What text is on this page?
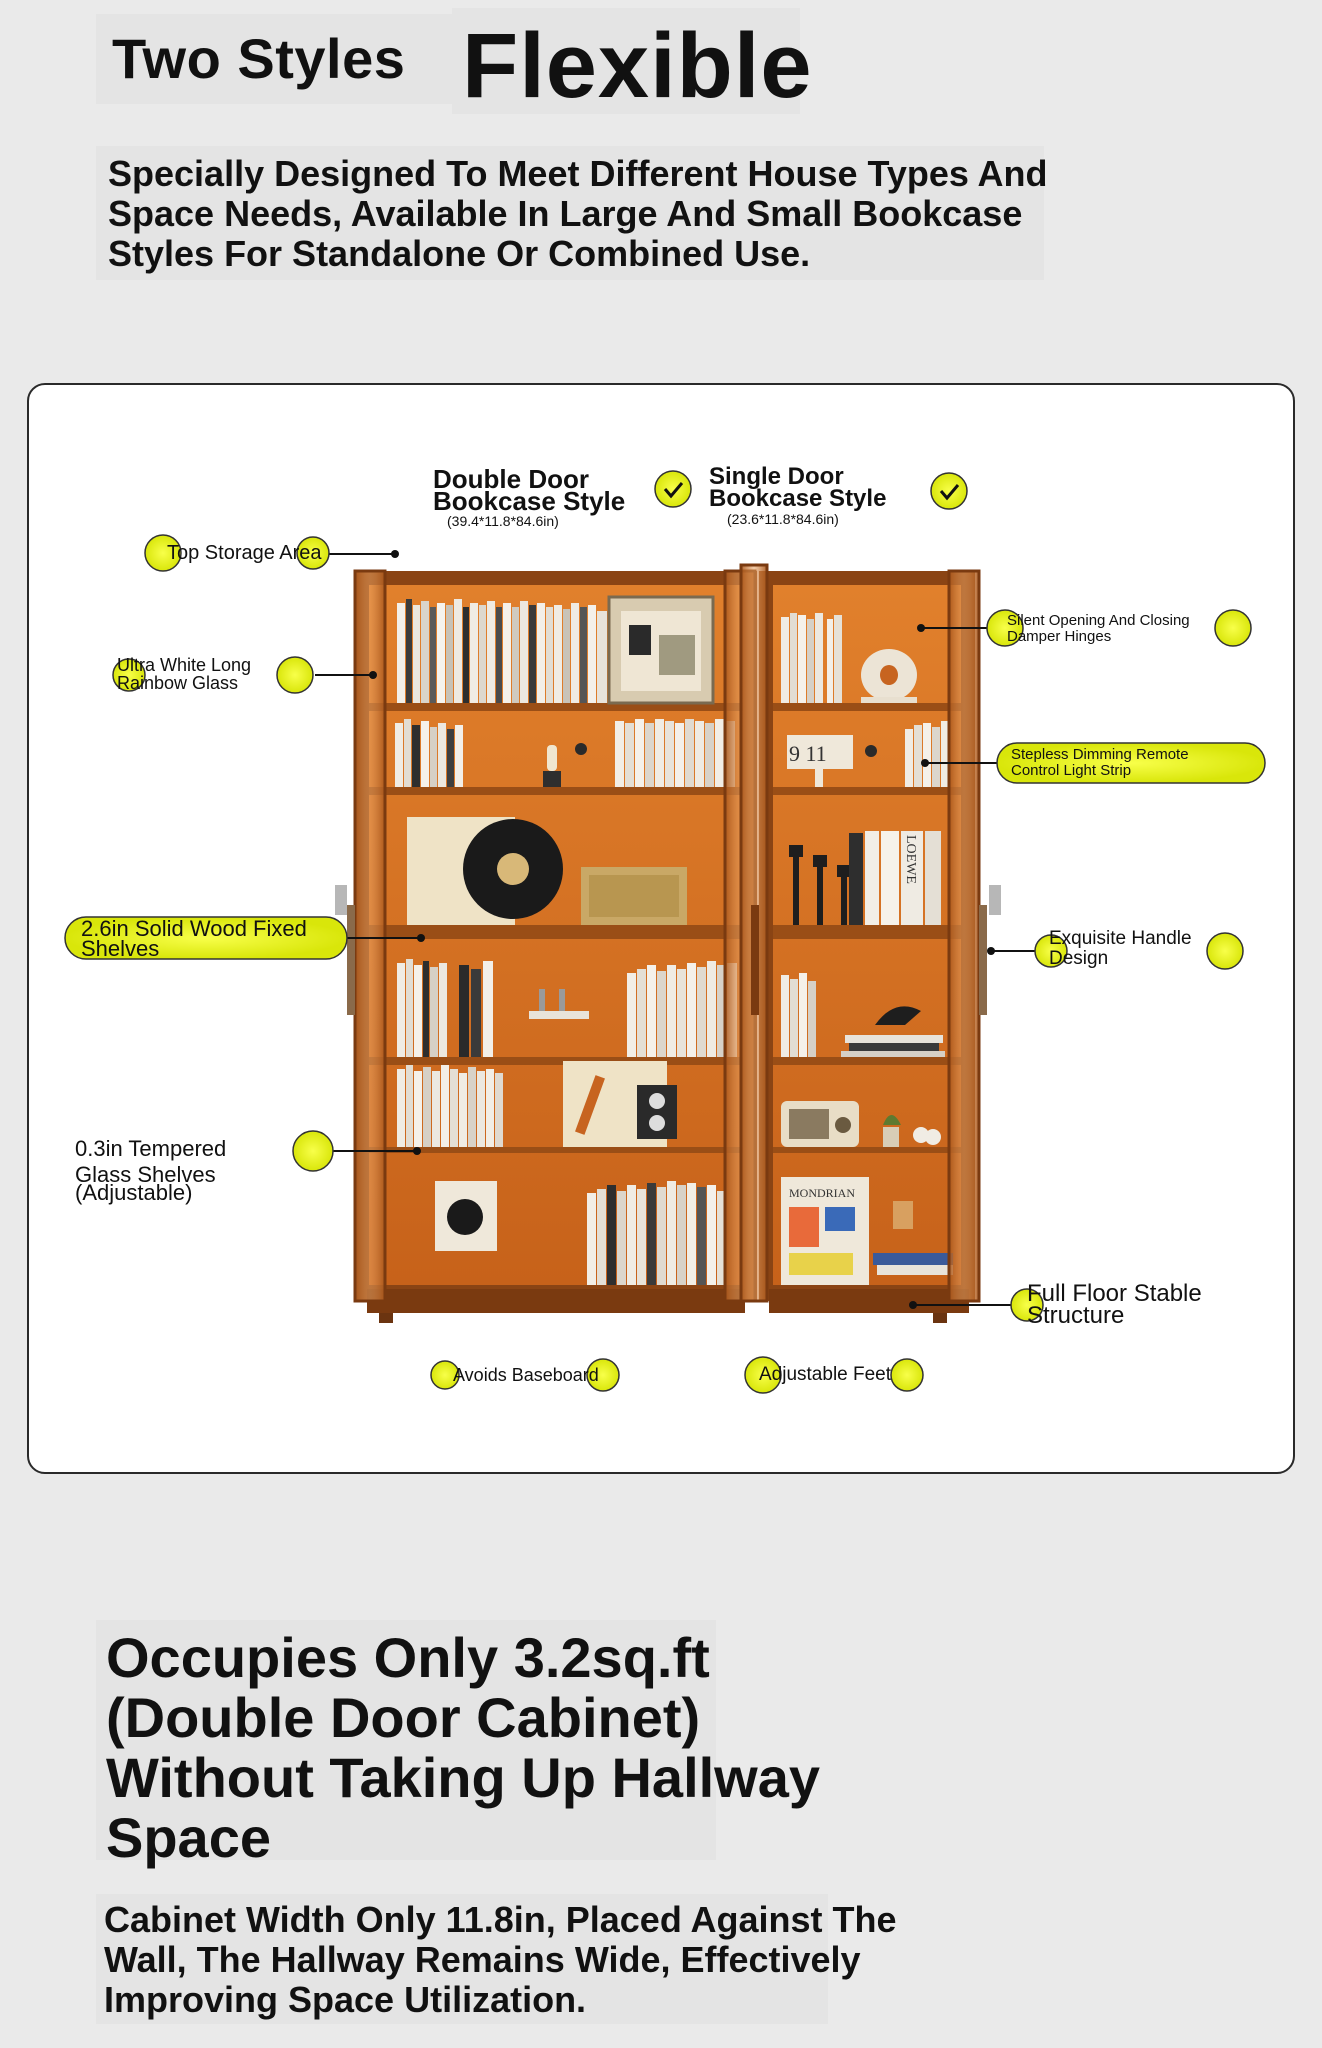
Two Styles Flexible
Specially Designed To Meet Different House Types And Space Needs, Available In Large And Small Bookcase Styles For Standalone Or Combined Use.
9 11
HOME LOEWE
MONDRIAN
Double Door
Bookcase Style
(39.4*11.8*84.6in)
Single Door
Bookcase Style
(23.6*11.8*84.6in)
Top Storage Area
Ultra White Long
Rainbow Glass
2.6in Solid Wood Fixed
Shelves
0.3in Tempered
Glass Shelves
(Adjustable)
Silent Opening And Closing
Damper Hinges
Stepless Dimming Remote
Control Light Strip
Exquisite Handle
Design
Full Floor Stable
Structure
Avoids Baseboard	Adjustable Feet
Occupies Only 3.2sq.ft (Double Door Cabinet) Without Taking Up Hallway Space
Cabinet Width Only 11.8in, Placed Against The Wall, The Hallway Remains Wide, Effectively Improving Space Utilization.
